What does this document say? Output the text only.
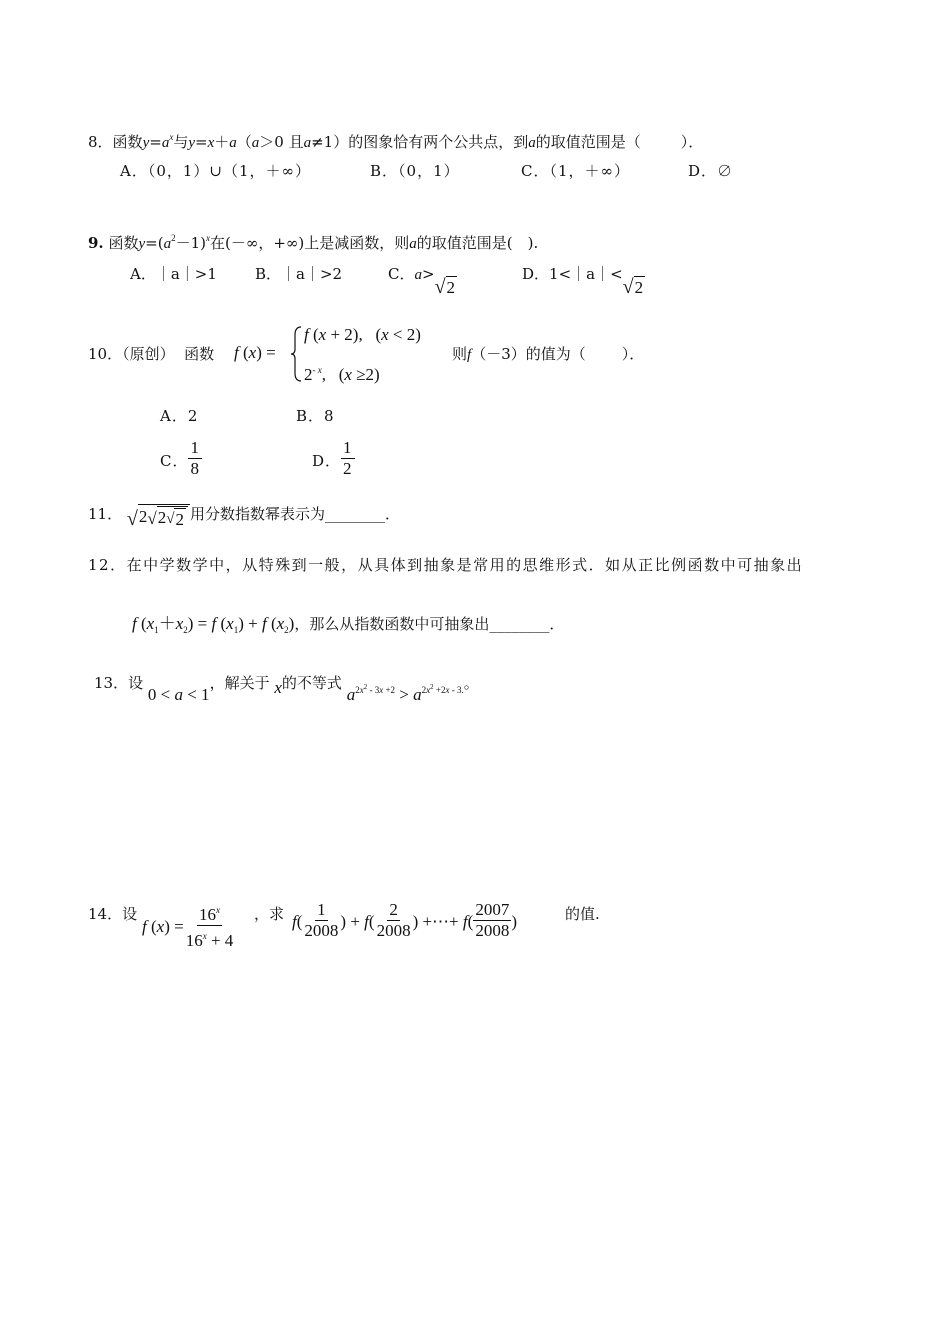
8．函数$y=a^x$与y=x＋a（a＞0 且a≠1）的图象恰有两个公共点，到a的取值范围是（	）．
A．（0，1）∪（1，＋∞）	B．（0，1）	C．（1，＋∞）	D．∅
9. 函数$y=(a^2-1)^x$在(－∞，+∞)上是减函数，则a的取值范围是(　).
A．｜a｜>1	B．｜a｜>2	C．a>
√ 2
D．1<｜a｜<
√ 2
10．（原创） 函数 f (x) =
f (x + 2),   (x < 2)
$2^{- x}$,   (x ≥2)
则f（－3）的值为（ ）．
A．2	B．8
C． $\frac{1}{8}$	D． $\frac{1}{2}$
11． √ 2 √ 2 √ 2 用分数指数幂表示为________．
12．在中学数学中，从特殊到一般，从具体到抽象是常用的思维形式．如从正比例函数中可抽象出
f $(x_1+x_2) = f$ $(x_1) + f$ $(x_2)$，那么从指数函数中可抽象出________．
13．设 0 < a < 1，解关于 x的不等式 $a^{2x^2 - 3x +2} > a^{2x^2 +2x - 3.}$。
14．设
f $(x) = \frac{16^x}{16^x + 4}$ ，求 $f( \frac{1}{2008}$ ) + $f( \frac{2}{2008}$ ) +⋯+ $f( \frac{2007}{2008}$ )	的值.
